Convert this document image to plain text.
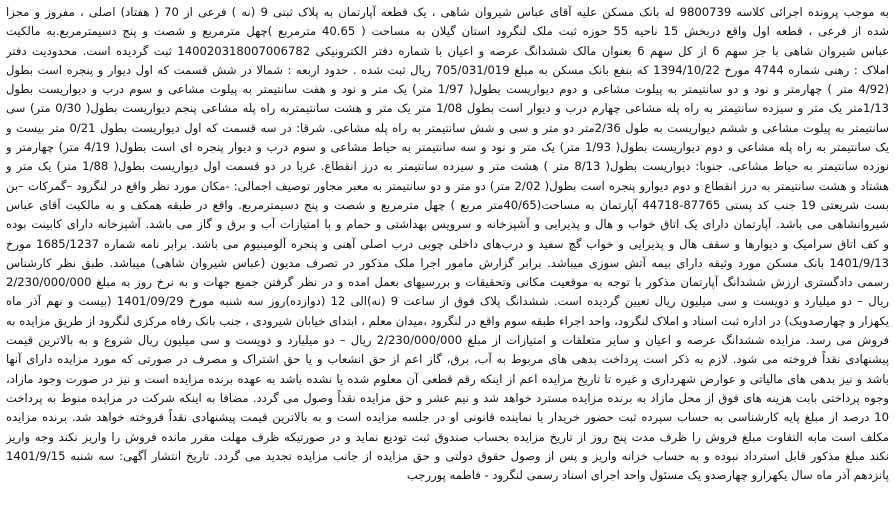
به موجب پرونده اجرائی کلاسه 9800739 له بانک مسکن علیه آقای عباس شیروان شاهی ، یک قطعه آپارتمان به پلاک ثبتی 9 (نه ) فرعی از 70 ( هفتاد) اصلی ، مفروز و مجزا
شده از فرعی ، قطعه اول واقع دربخش 15 ناحیه 55 حوزه ثبت ملک لنگرود استان گیلان به مساحت ( 40.65 مترمربع )چهل مترمربع و شصت و پنج دسیمترمربع.به مالکیت
عباس شیروان شاهی با جز سهم 6 از کل سهم 6 بعنوان مالک ششدانگ عرصه و اعیان با شماره دفتر الکترونیکی 140020318007006782 ثبت گردیده است. محدودیت دفتر
املاک : رهنی شماره 4744 مورخ 1394/10/22 که بنفع بانک مسکن به مبلغ 705/031/019 ریال ثبت شده . حدود اربعه : شمالا در شش قسمت که اول دیوار و پنجره است بطول
(4/92 متر ) چهارمتر و نود و دو سانتیمتر به پیلوت مشاعی و دوم دیواریست بطول( 1/97 متر) یک متر و نود و هفت سانتیمتر به پیلوت مشاعی و سوم درب و دیواریست بطول
1/13متر یک متر و سیزده سانتیمتر به راه پله مشاعی چهارم درب و دیوار است بطول 1/08 متر یک متر و هشت سانتیمتربه راه پله مشاعی پنجم دیواریست بطول( 0/30 متر) سی
سانتیمتر به پیلوت مشاعی و ششم دیواریست به طول 2/36متر دو متر و سی و شش سانتیمتر به راه پله مشاعی. شرقا: در سه قسمت که اول دیواریست بطول 0/21 متر بیست و
یک سانتیمتر به راه پله مشاعی و دوم دیواریست بطول( 1/93 متر) یک متر و نود و سه سانتیمتر به حیاط مشاعی و سوم درب و دیوار پنجره ای است بطول( 4/19 متر) چهارمتر و
نوزده سانتیمتر به حیاط مشاعی. جنوبا: دیواریست بطول( 8/13 متر ) هشت متر و سیزده سانتیمتر به درز انقطاع. غربا در دو قسمت اول دیواریست بطول( 1/88 متر) یک متر و
هشتاد و هشت سانتیمتر به درز انقطاع و دوم دیوارو پنجره است بطول( 2/02 متر) دو متر و دو سانتیمتر به معبر مجاور توصیف اجمالی: -مکان مورد نظر واقع در لنگرود –گمرکات –بن
بست شریعتی 19 جنب کد پستی 87765-44718 آپارتمان به مساحت(40/65متر مربع ) چهل مترمربع و شصت و پنج دسیمترمربع. واقع در طبقه همکف و به مالکیت آقای عباس
شیروانشاهی می باشد. آپارتمان دارای یک اتاق خواب و هال و پذیرایی و آشپزخانه و سرویس بهداشتی و حمام و با امتیازات آب و برق و گاز می باشد. آشپزخانه دارای کابینت بوده
و کف اتاق سرامیک و دیوارها و سقف هال و پذیرایی و خواب گچ سفید و درب‌های داخلی چوبی درب اصلی آهنی و پنجره آلومینیوم می باشد. برابر نامه شماره 1685/1237 مورخ
1401/9/13 بانک مسکن مورد وثیقه دارای بیمه آتش سوزی میباشد. برابر گزارش مامور اجرا ملک مذکور در تصرف مدیون (عباس شیروان شاهی) میباشد. طبق نظر کارشناس
رسمی دادگستری ارزش ششدانگ آپارتمان مذکور با توجه به موقعیت مکانی وتحقیقات و بررسیهای بعمل امده و در نظر گرفتن جمیع جهات و به نرخ روز به مبلغ 2/230/000/000
ریال – دو میلیارد و دویست و سی میلیون ریال تعیین گردیده است. ششدانگ پلاک فوق از ساعت 9 (نه)الی 12 (دوازده)روز سه شنبه مورخ 1401/09/29 (بیست و نهم آذر ماه
یکهزار و چهارصدویک) در اداره ثبت اسناد و املاک لنگرود، واحد اجراء طبقه سوم واقع در لنگرود ،میدان معلم ، ابتدای خیابان شیرودی ، جنب بانک رفاه مرکزی لنگرود از طریق مزایده به
فروش می رسد. مزایده ششدانگ عرصه و اعیان و سایر متعلقات و امتیازات از مبلغ 2/230/000/000 ریال – دو میلیارد و دویست و سی میلیون ریال شروع و به بالاترین قیمت
پیشنهادی نقداً فروخته می شود. لازم به ذکر است پرداخت بدهی های مربوط به آب، برق، گاز اعم از حق انشعاب و یا حق اشتراک و مصرف در صورتی که مورد مزایده دارای آنها
باشد و نیز بدهی های مالیاتی و عوارض شهرداری و غیره تا تاریخ مزایده اعم از اینکه رقم قطعی آن معلوم شده یا نشده باشد به عهده برنده مزایده است و نیز در صورت وجود مازاد،
وجوه پرداختی بابت هزینه های فوق از محل مازاد به برنده مزایده مسترد خواهد شد و نیم عشر و حق مزایده نقداً وصول می گردد. مضافا به اینکه شرکت در مزایده منوط به پرداخت
10 درصد از مبلغ پایه کارشناسی به حساب سپرده ثبت حضور خریدار یا نماینده قانونی او در جلسه مزایده است و به بالاترین قیمت پیشنهادی نقداً فروخته خواهد شد. برنده مزایده
مکلف است مابه التفاوت مبلغ فروش را ظرف مدت پنج روز از تاریخ مزایده بحساب صندوق ثبت تودیع نماید و در صورتیکه ظرف مهلت مقرر مانده فروش را واریز نکند وجه واریز
نکند مبلغ مذکور قابل استرداد نبوده و به حساب خزانه واریز و پس از وصول حقوق دولتی و حق مزایده از جانب مزایده تجدید می گردد. تاریخ انتشار آگهی: سه شنبه 1401/9/15
پانزدهم آذر ماه سال یکهزارو چهارصدو یک مسئول واحد اجرای اسناد رسمی لنگرود - فاطمه پوررجب
